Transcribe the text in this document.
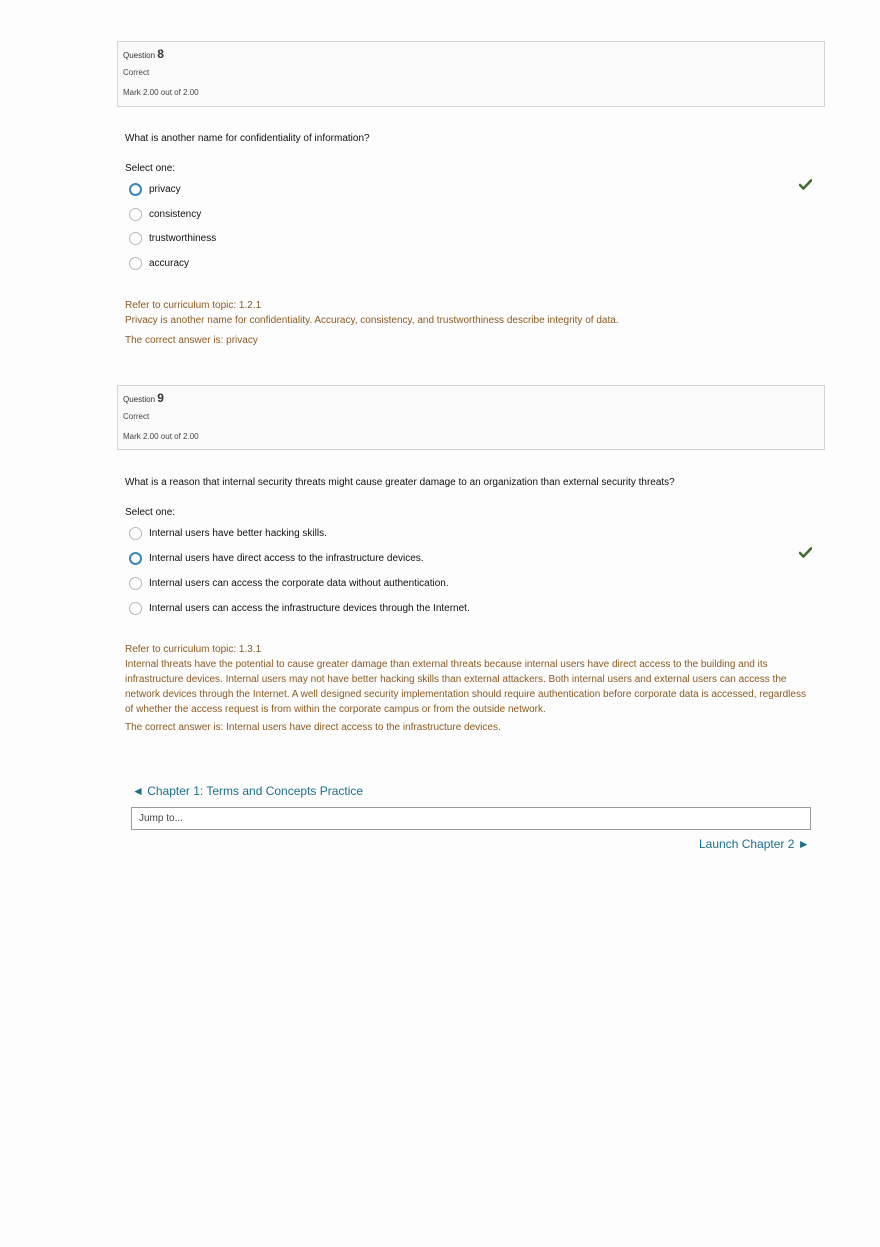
Question 8
Correct
Mark 2.00 out of 2.00
What is another name for confidentiality of information?
Select one:
privacy
consistency
trustworthiness
accuracy
Refer to curriculum topic: 1.2.1
Privacy is another name for confidentiality. Accuracy, consistency, and trustworthiness describe integrity of data.
The correct answer is: privacy
Question 9
Correct
Mark 2.00 out of 2.00
What is a reason that internal security threats might cause greater damage to an organization than external security threats?
Select one:
Internal users have better hacking skills.
Internal users have direct access to the infrastructure devices.
Internal users can access the corporate data without authentication.
Internal users can access the infrastructure devices through the Internet.
Refer to curriculum topic: 1.3.1
Internal threats have the potential to cause greater damage than external threats because internal users have direct access to the building and its infrastructure devices. Internal users may not have better hacking skills than external attackers. Both internal users and external users can access the network devices through the Internet. A well designed security implementation should require authentication before corporate data is accessed, regardless of whether the access request is from within the corporate campus or from the outside network.
The correct answer is: Internal users have direct access to the infrastructure devices.
◄ Chapter 1: Terms and Concepts Practice
Jump to...
Launch Chapter 2 ►
